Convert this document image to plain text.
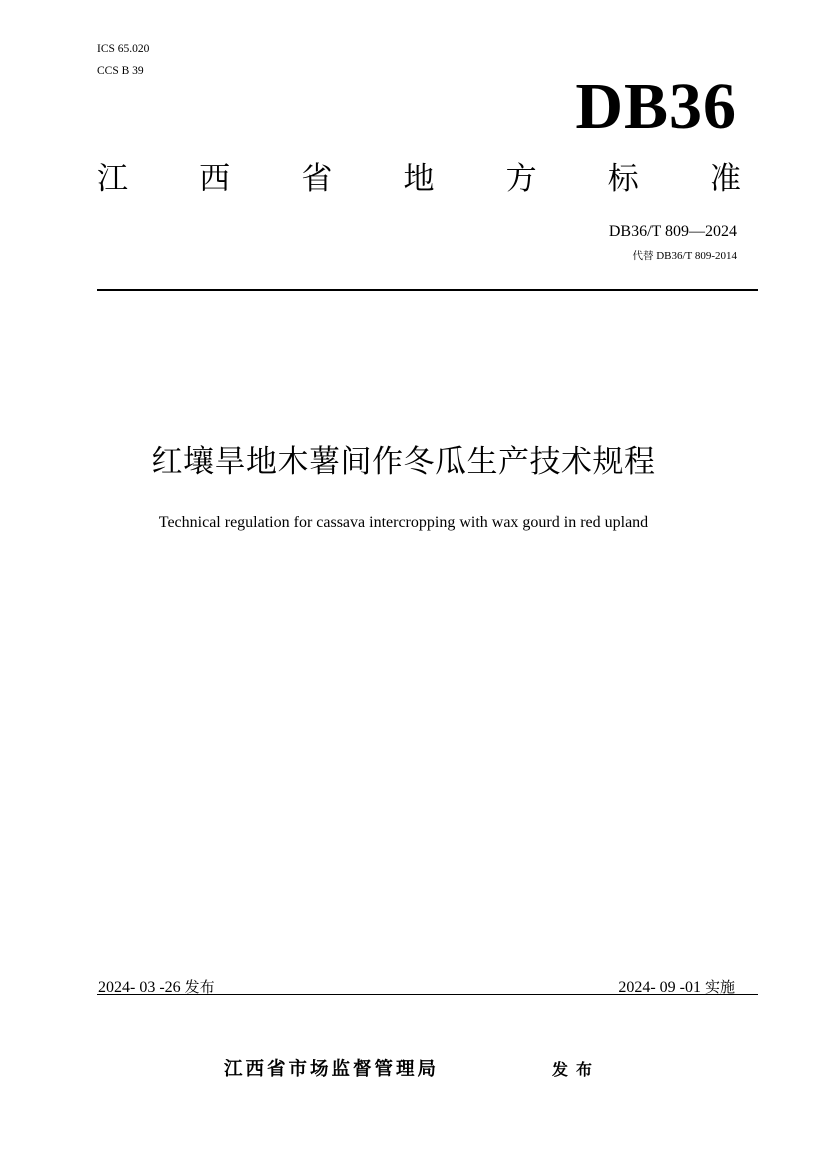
ICS 65.020
CCS B 39	DB36
江 西 省 地 方 标 准
DB36/T 809—2024
代替 DB36/T 809-2014
红壤旱地木薯间作冬瓜生产技术规程
Technical regulation for cassava intercropping with wax gourd in red upland
2024- 03 -26 发布	2024- 09 -01 实施
江西省市场监督管理局	发布
